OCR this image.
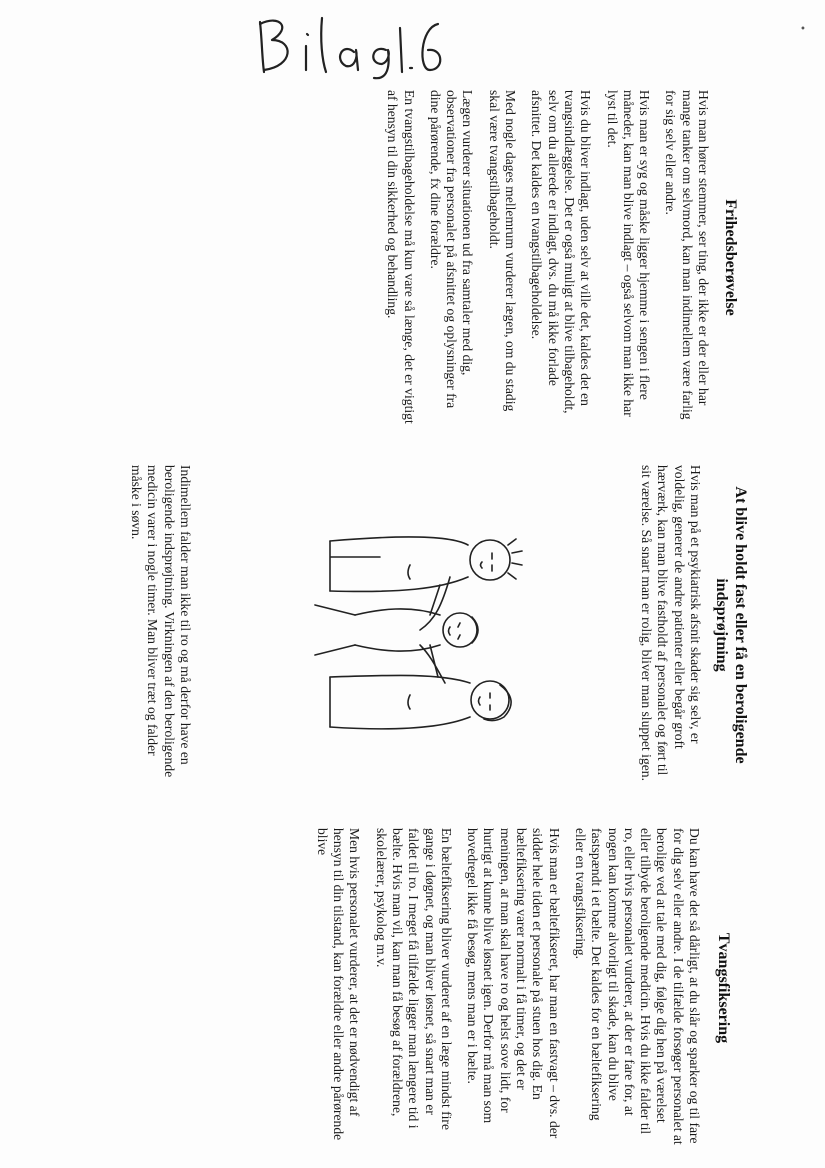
•
Frihedsberøvelse

Hvis man hører stemmer, ser ting, der ikke er der eller har mange tanker om selvmord, kan man indimellem være farlig for sig selv eller andre.

Hvis man er syg og måske ligger hjemme i sengen i flere måneder, kan man blive indlagt – også selvom man ikke har lyst til det.

Hvis du bliver indlagt, uden selv at ville det, kaldes det en tvangsindlæggelse. Det er også muligt at blive tilbageholdt, selv om du allerede er indlagt, dvs. du må ikke forlade afsnittet. Det kaldes en tvangstilbageholdelse.

Med nogle dages mellemrum vurderer lægen, om du stadig skal være tvangstilbageholdt.

Lægen vurderer situationen ud fra samtaler med dig, observationer fra personalet på afsnittet og oplysninger fra dine pårørende, fx dine forældre.

En tvangstilbageholdelse må kun vare så længe, det er vigtigt af hensyn til din sikkerhed og behandling.

At blive holdt fast eller få en beroligende indsprøjtning

Hvis man på et psykiatrisk afsnit skader sig selv, er voldelig, generer de andre patienter eller begår groft hærværk, kan man blive fastholdt af personalet og ført til sit værelse. Så snart man er rolig, bliver man sluppet igen.

Indimellem falder man ikke til ro og må derfor have en beroligende indsprøjtning. Virkningen af den beroligende medicin varer i nogle timer. Man bliver træt og falder måske i søvn.

Tvangsfiksering

Du kan have det så dårligt, at du slår og sparker og til fare for dig selv eller andre. I de tilfælde forsøger personalet at berolige ved at tale med dig, følge dig hen på værelset eller tilbyde beroligende medicin. Hvis du ikke falder til ro, eller hvis personalet vurderer, at der er fare for, at nogen kan komme alvorligt til skade, kan du blive fastspændt i et bælte. Det kaldes for en bæltefiksering eller en tvangsfiksering.

Hvis man er bæltefikseret, har man en fastvagt – dvs. der sidder hele tiden et personale på stuen hos dig. En bæltefiksering varer normalt i få timer, og det er meningen, at man skal have ro og helst sove lidt, for hurtigt at kunne blive løsnet igen. Derfor må man som hovedregel ikke få besøg, mens man er i bælte.

En bæltefiksering bliver vurderet af en læge mindst fire gange i døgnet, og man bliver løsnet, så snart man er faldet til ro. I meget få tilfælde ligger man længere tid i bælte. Hvis man vil, kan man få besøg af forældrene, skolelærer, psykolog m.v.

Men hvis personalet vurderer, at det er nødvendigt af hensyn til din tilstand, kan forældre eller andre pårørende blive
